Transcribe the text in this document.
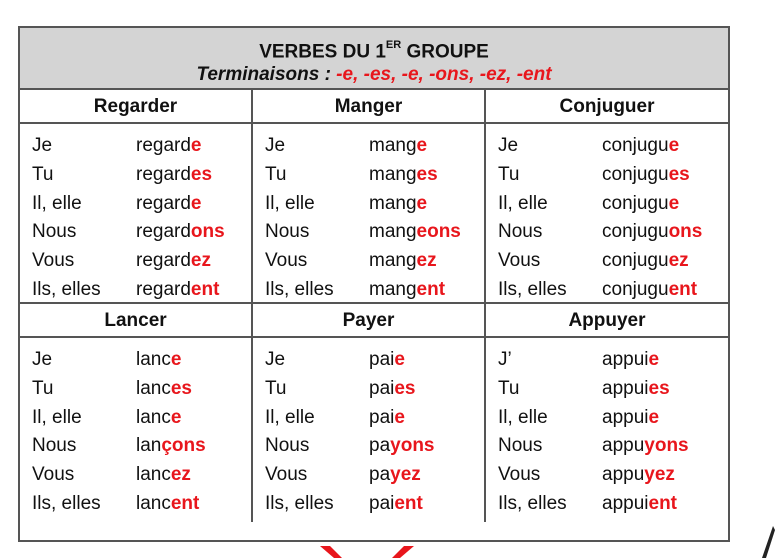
VERBES DU 1ER GROUPE
Terminaisons : -e, -es, -e, -ons, -ez, -ent
Regarder
Je	regarde
Tu	regardes
Il, elle	regarde
Nous	regardons
Vous	regardez
Ils, elles	regardent
Manger
Je	mange
Tu	manges
Il, elle	mange
Nous	mangeons
Vous	mangez
Ils, elles	mangent
Conjuguer
Je	conjugue
Tu	conjugues
Il, elle	conjugue
Nous	conjuguons
Vous	conjuguez
Ils, elles	conjuguent
Lancer
Je	lance
Tu	lances
Il, elle	lance
Nous	lançons
Vous	lancez
Ils, elles	lancent
Payer
Je	paie
Tu	paies
Il, elle	paie
Nous	payons
Vous	payez
Ils, elles	paient
Appuyer
J’	appuie
Tu	appuies
Il, elle	appuie
Nous	appuyons
Vous	appuyez
Ils, elles	appuient
